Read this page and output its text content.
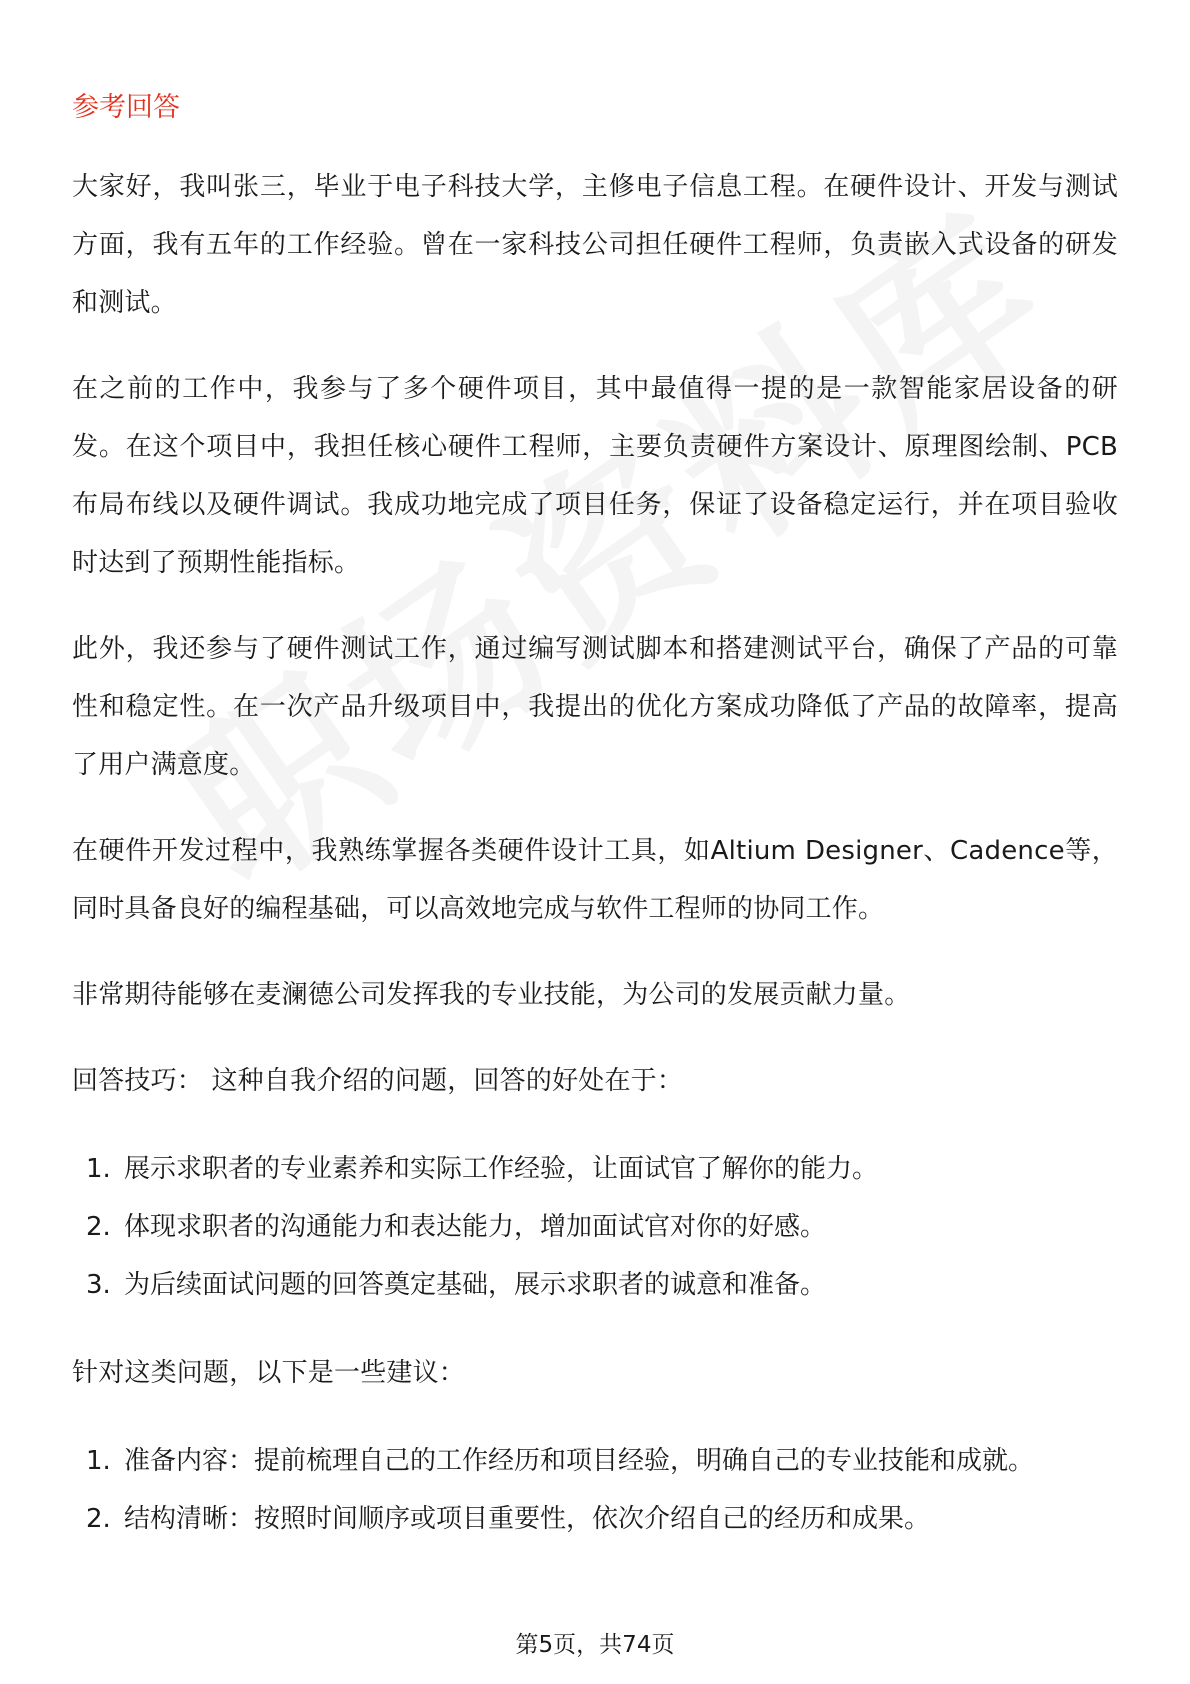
参考回答

大家好，我叫张三，毕业于电子科技大学，主修电子信息工程。在硬件设计、开发与测试方面，我有五年的工作经验。曾在一家科技公司担任硬件工程师，负责嵌入式设备的研发和测试。

在之前的工作中，我参与了多个硬件项目，其中最值得一提的是一款智能家居设备的研发。在这个项目中，我担任核心硬件工程师，主要负责硬件方案设计、原理图绘制、PCB布局布线以及硬件调试。我成功地完成了项目任务，保证了设备稳定运行，并在项目验收时达到了预期性能指标。

此外，我还参与了硬件测试工作，通过编写测试脚本和搭建测试平台，确保了产品的可靠性和稳定性。在一次产品升级项目中，我提出的优化方案成功降低了产品的故障率，提高了用户满意度。

在硬件开发过程中，我熟练掌握各类硬件设计工具，如Altium Designer、Cadence等，同时具备良好的编程基础，可以高效地完成与软件工程师的协同工作。

非常期待能够在麦澜德公司发挥我的专业技能，为公司的发展贡献力量。

回答技巧： 这种自我介绍的问题，回答的好处在于：

1. 展示求职者的专业素养和实际工作经验，让面试官了解你的能力。
2. 体现求职者的沟通能力和表达能力，增加面试官对你的好感。
3. 为后续面试问题的回答奠定基础，展示求职者的诚意和准备。

针对这类问题，以下是一些建议：

1. 准备内容：提前梳理自己的工作经历和项目经验，明确自己的专业技能和成就。
2. 结构清晰：按照时间顺序或项目重要性，依次介绍自己的经历和成果。
第5页，共74页
